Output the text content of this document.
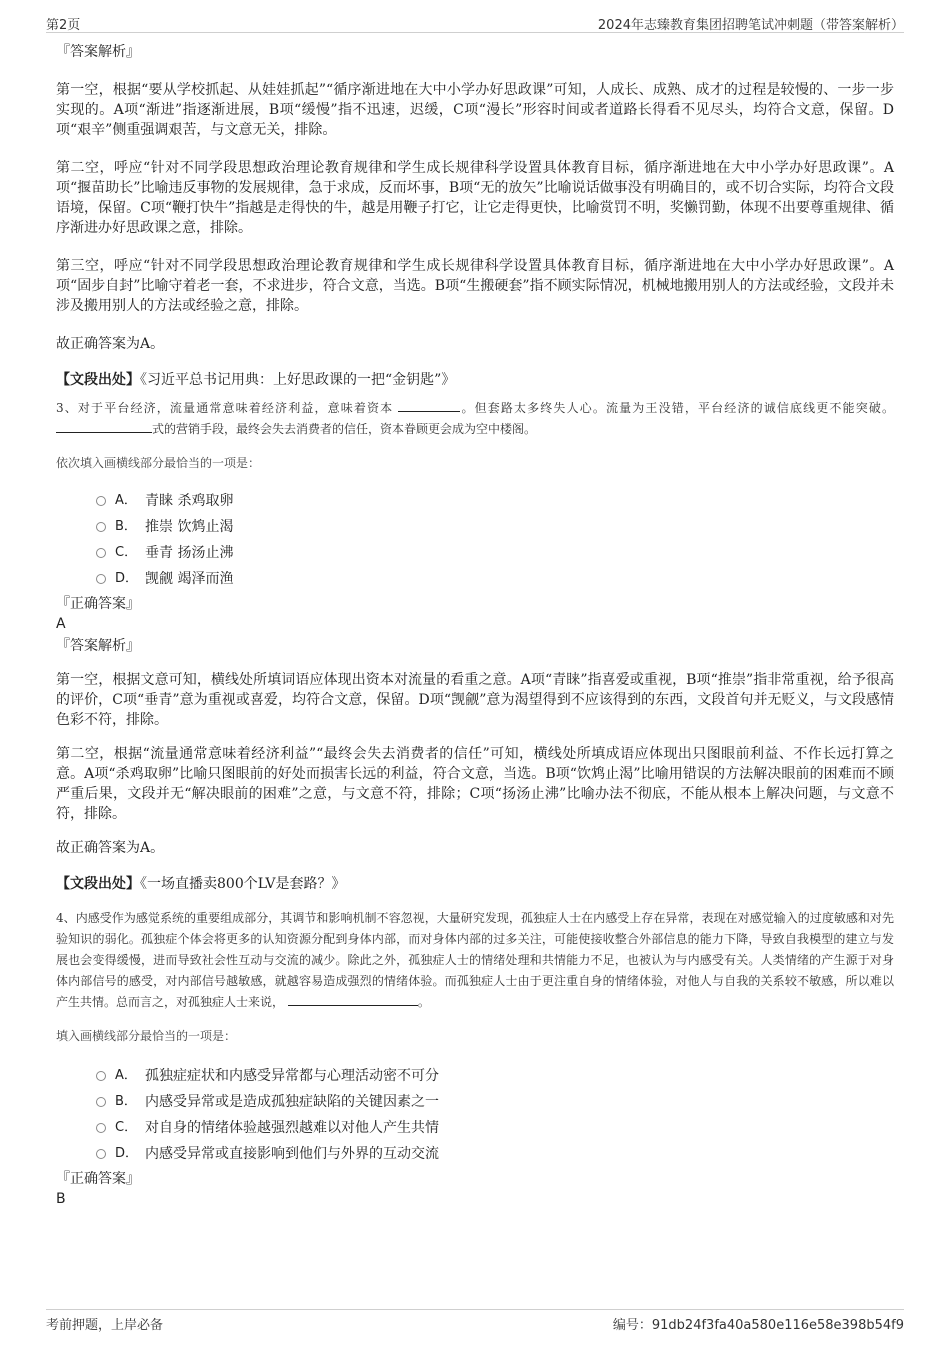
第2页	2024年志臻教育集团招聘笔试冲刺题（带答案解析）

『答案解析』

第一空，根据“要从学校抓起、从娃娃抓起”“循序渐进地在大中小学办好思政课”可知，人成长、成熟、成才的过程是较慢的、一步一步实现的。A项“渐进”指逐渐进展，B项“缓慢”指不迅速，迟缓，C项“漫长”形容时间或者道路长得看不见尽头，均符合文意，保留。D项“艰辛”侧重强调艰苦，与文意无关，排除。

第二空，呼应“针对不同学段思想政治理论教育规律和学生成长规律科学设置具体教育目标，循序渐进地在大中小学办好思政课”。A项“揠苗助长”比喻违反事物的发展规律，急于求成，反而坏事，B项“无的放矢”比喻说话做事没有明确目的，或不切合实际，均符合文段语境，保留。C项“鞭打快牛”指越是走得快的牛，越是用鞭子打它，让它走得更快，比喻赏罚不明，奖懒罚勤，体现不出要尊重规律、循序渐进办好思政课之意，排除。

第三空，呼应“针对不同学段思想政治理论教育规律和学生成长规律科学设置具体教育目标，循序渐进地在大中小学办好思政课”。A项“固步自封”比喻守着老一套，不求进步，符合文意，当选。B项“生搬硬套”指不顾实际情况，机械地搬用别人的方法或经验，文段并未涉及搬用别人的方法或经验之意，排除。

故正确答案为A。

【文段出处】《习近平总书记用典：上好思政课的一把“金钥匙”》

3、对于平台经济，流量通常意味着经济利益，意味着资本	。但套路太多终失人心。流量为王没错，平台经济的诚信底线更不能突破。 式的营销手段，最终会失去消费者的信任，资本眷顾更会成为空中楼阁。

依次填入画横线部分最恰当的一项是：

A． 青睐 杀鸡取卵
B． 推崇 饮鸩止渴
C． 垂青 扬汤止沸
D． 觊觎 竭泽而渔

『正确答案』

A

『答案解析』

第一空，根据文意可知，横线处所填词语应体现出资本对流量的看重之意。A项“青睐”指喜爱或重视，B项“推崇”指非常重视，给予很高的评价，C项“垂青”意为重视或喜爱，均符合文意，保留。D项“觊觎”意为渴望得到不应该得到的东西，文段首句并无贬义，与文段感情色彩不符，排除。

第二空，根据“流量通常意味着经济利益”“最终会失去消费者的信任”可知，横线处所填成语应体现出只图眼前利益、不作长远打算之意。A项“杀鸡取卵”比喻只图眼前的好处而损害长远的利益，符合文意，当选。B项“饮鸩止渴”比喻用错误的方法解决眼前的困难而不顾严重后果，文段并无“解决眼前的困难”之意，与文意不符，排除；C项“扬汤止沸”比喻办法不彻底，不能从根本上解决问题，与文意不符，排除。

故正确答案为A。

【文段出处】《一场直播卖800个LV是套路？》

4、内感受作为感觉系统的重要组成部分，其调节和影响机制不容忽视，大量研究发现，孤独症人士在内感受上存在异常，表现在对感觉输入的过度敏感和对先验知识的弱化。孤独症个体会将更多的认知资源分配到身体内部，而对身体内部的过多关注，可能使接收整合外部信息的能力下降，导致自我模型的建立与发展也会变得缓慢，进而导致社会性互动与交流的减少。除此之外，孤独症人士的情绪处理和共情能力不足，也被认为与内感受有关。人类情绪的产生源于对身体内部信号的感受，对内部信号越敏感，就越容易造成强烈的情绪体验。而孤独症人士由于更注重自身的情绪体验，对他人与自我的关系较不敏感，所以难以产生共情。总而言之，对孤独症人士来说，	。

填入画横线部分最恰当的一项是：

A． 孤独症症状和内感受异常都与心理活动密不可分
B． 内感受异常或是造成孤独症缺陷的关键因素之一
C． 对自身的情绪体验越强烈越难以对他人产生共情
D． 内感受异常或直接影响到他们与外界的互动交流

『正确答案』

B

考前押题，上岸必备	编号：91db24f3fa40a580e116e58e398b54f9
